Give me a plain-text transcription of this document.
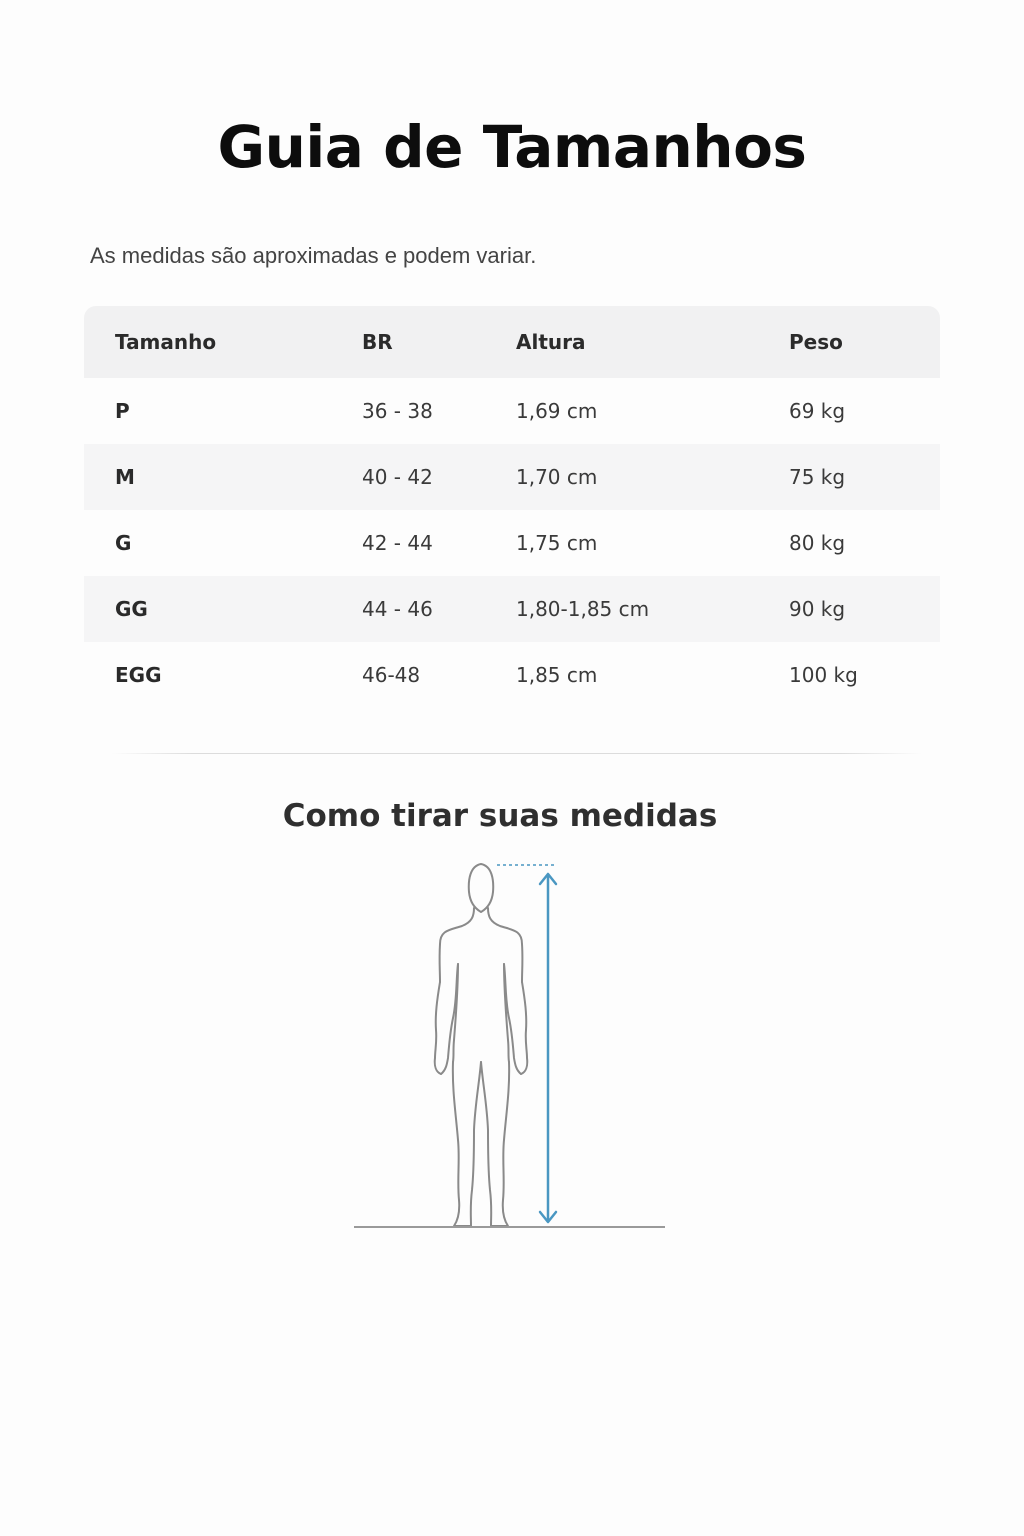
Guia de Tamanhos

As medidas são aproximadas e podem variar.

Tamanho	BR	Altura	Peso
P	36 - 38	1,69 cm	69 kg
M	40 - 42	1,70 cm	75 kg
G	42 - 44	1,75 cm	80 kg
GG	44 - 46	1,80-1,85 cm	90 kg
EGG	46-48	1,85 cm	100 kg
Como tirar suas medidas
